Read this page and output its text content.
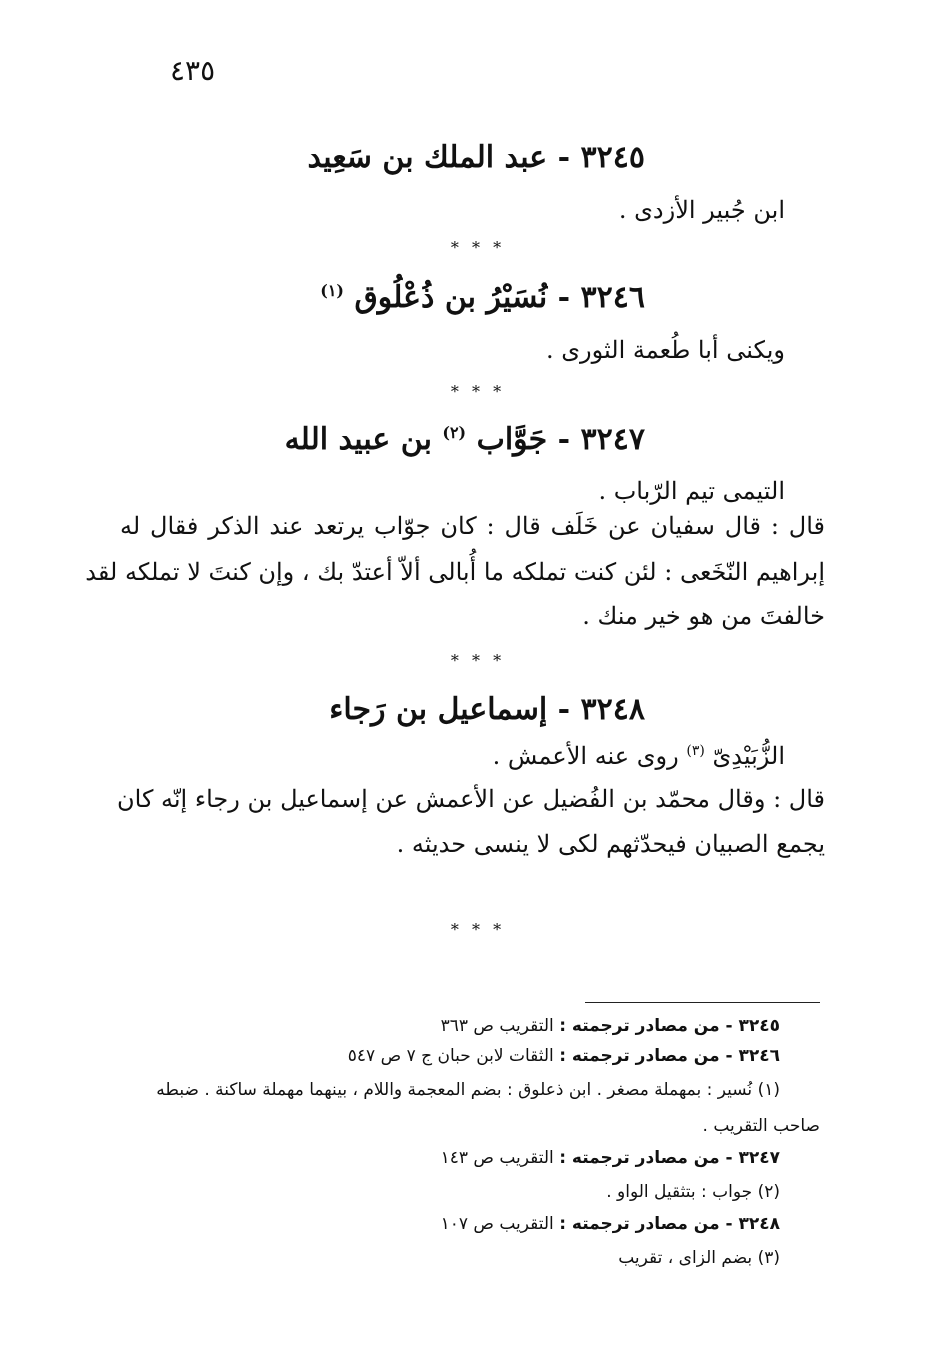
٤٣٥
٣٢٤٥ - عبد الملك بن سَعِيد
ابن جُبير الأزدى .
* * *
٣٢٤٦ - نُسَيْرُ بن ذُعْلُوق $^{(١)}$
ويكنى أبا طُعمة الثورى .
* * *
٣٢٤٧ - جَوَّاب $^{(٢)}$ بن عبيد الله
التيمى تيم الرّباب .
قال : قال سفيان عن خَلَف قال : كان جوّاب يرتعد عند الذكر فقال له
إبراهيم النّخَعى : لئن كنت تملكه ما أُبالى ألاّ أعتدّ بك ، وإن كنتَ لا تملكه لقد
خالفتَ من هو خير منك .
* * *
٣٢٤٨ - إسماعيل بن رَجاء
الزُّبَيْدِىّ $^{(٣)}$ روى عنه الأعمش .
قال : وقال محمّد بن الفُضيل عن الأعمش عن إسماعيل بن رجاء إنّه كان
يجمع الصبيان فيحدّثهم لكى لا ينسى حديثه .
* * *
٣٢٤٥ - من مصادر ترجمته : التقريب ص ٣٦٣
٣٢٤٦ - من مصادر ترجمته : الثقات لابن حبان ج ٧ ص ٥٤٧
(١) نُسير : بمهملة مصغر . ابن ذعلوق : بضم المعجمة واللام ، بينهما مهملة ساكنة . ضبطه
صاحب التقريب .
٣٢٤٧ - من مصادر ترجمته : التقريب ص ١٤٣
(٢) جواب : بتثقيل الواو .
٣٢٤٨ - من مصادر ترجمته : التقريب ص ١٠٧
(٣) بضم الزاى ، تقريب
